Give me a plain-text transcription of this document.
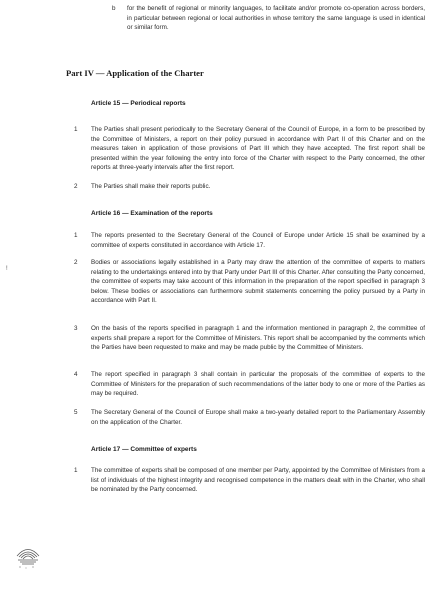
b for the benefit of regional or minority languages, to facilitate and/or promote co-operation across borders, in particular between regional or local authorities in whose territory the same language is used in identical or similar form.
Part IV — Application of the Charter
Article 15 — Periodical reports
1 The Parties shall present periodically to the Secretary General of the Council of Europe, in a form to be prescribed by the Committee of Ministers, a report on their policy pursued in accordance with Part II of this Charter and on the measures taken in application of those provisions of Part III which they have accepted. The first report shall be presented within the year following the entry into force of the Charter with respect to the Party concerned, the other reports at three-yearly intervals after the first report.
2 The Parties shall make their reports public.
Article 16 — Examination of the reports
1 The reports presented to the Secretary General of the Council of Europe under Article 15 shall be examined by a committee of experts constituted in accordance with Article 17.
2 Bodies or associations legally established in a Party may draw the attention of the committee of experts to matters relating to the undertakings entered into by that Party under Part III of this Charter. After consulting the Party concerned, the committee of experts may take account of this information in the preparation of the report specified in paragraph 3 below. These bodies or associations can furthermore submit statements concerning the policy pursued by a Party in accordance with Part II.
3 On the basis of the reports specified in paragraph 1 and the information mentioned in paragraph 2, the committee of experts shall prepare a report for the Committee of Ministers. This report shall be accompanied by the comments which the Parties have been requested to make and may be made public by the Committee of Ministers.
4 The report specified in paragraph 3 shall contain in particular the proposals of the committee of experts to the Committee of Ministers for the preparation of such recommendations of the latter body to one or more of the Parties as may be required.
5 The Secretary General of the Council of Europe shall make a two-yearly detailed report to the Parliamentary Assembly on the application of the Charter.
Article 17 — Committee of experts
1 The committee of experts shall be composed of one member per Party, appointed by the Committee of Ministers from a list of individuals of the highest integrity and recognised competence in the matters dealt with in the Charter, who shall be nominated by the Party concerned.
!
